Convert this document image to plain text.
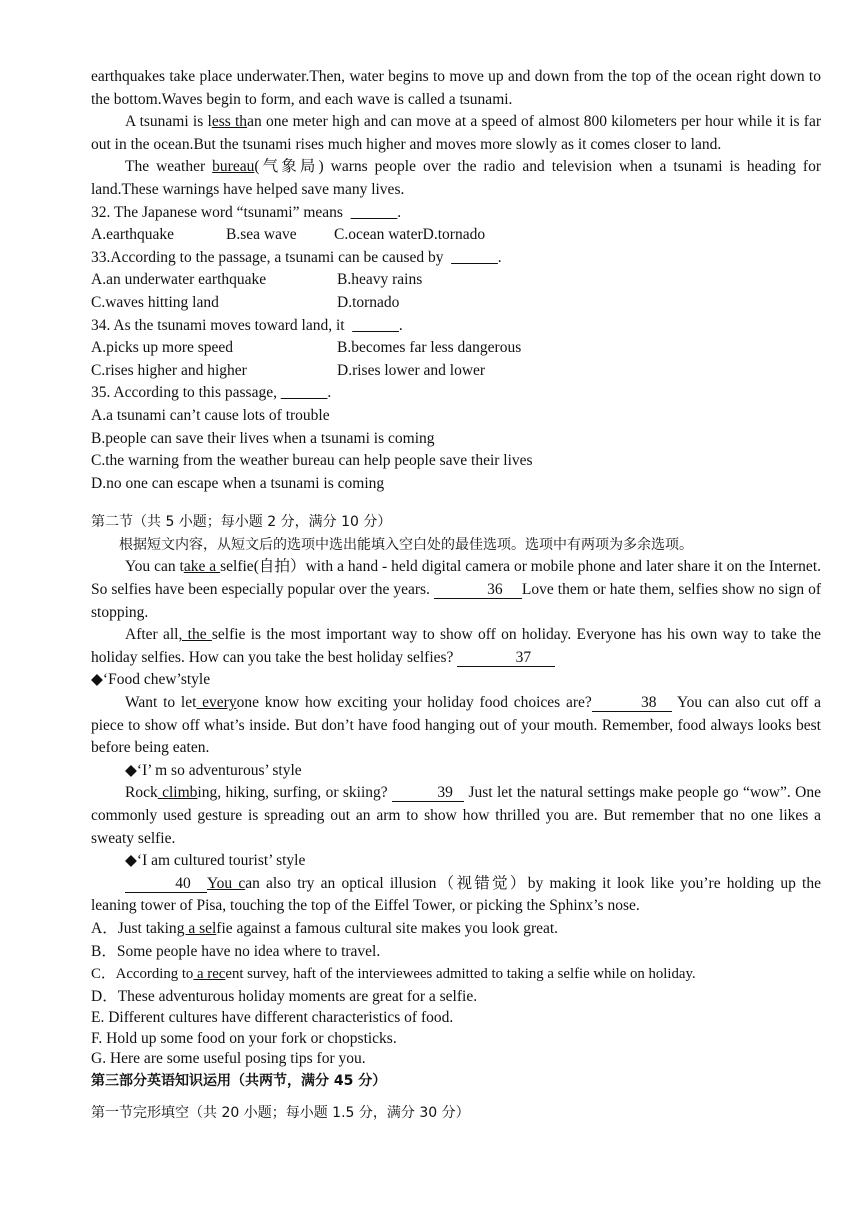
earthquakes take place underwater.Then, water begins to move up and down from the top of the ocean right down to the bottom.Waves begin to form, and each wave is called a tsunami.

A tsunami is less than one meter high and can move at a speed of almost 800 kilometers per hour while it is far out in the ocean.But the tsunami rises much higher and moves more slowly as it comes closer to land.

The weather bureau(气象局) warns people over the radio and television when a tsunami is heading for land.These warnings have helped save many lives.

32. The Japanese word “tsunami” means ______.

A.earthquake	B.sea wave C.ocean waterD.tornado

33.According to the passage, a tsunami can be caused by ______.

A.an underwater earthquake	B.heavy rains
C.waves hitting land	D.tornado

34. As the tsunami moves toward land, it ______.

A.picks up more speed	B.becomes far less dangerous
C.rises higher and higher	D.rises lower and lower

35. According to this passage, ______.

A.a tsunami can’t cause lots of trouble

B.people can save their lives when a tsunami is coming

C.the warning from the weather bureau can help people save their lives

D.no one can escape when a tsunami is coming

第二节（共 5 小题；每小题 2 分，满分 10 分）

根据短文内容，从短文后的选项中选出能填入空白处的最佳选项。选项中有两项为多余选项。

You can take a selfie(自拍）with a hand - held digital camera or mobile phone and later share it on the Internet. So selfies have been especially popular over the years.	36 Love them or hate them, selfies show no sign of stopping.

After all, the selfie is the most important way to show off on holiday. Everyone has his own way to take the holiday selfies. How can you take the best holiday selfies?	37

◆‘Food chew’style

Want to let everyone know how exciting your holiday food choices are?	38 You can also cut off a piece to show off what’s inside. But don’t have food hanging out of your mouth. Remember, food always looks best before being eaten.

◆‘I’ m so adventurous’ style

Rock climbing, hiking, surfing, or skiing?	39 Just let the natural settings make people go “wow”. One commonly used gesture is spreading out an arm to show how thrilled you are. But remember that no one likes a sweaty selfie.

◆‘I am cultured tourist’ style

40 You can also try an optical illusion（视错觉）by making it look like you’re holding up the leaning tower of Pisa, touching the top of the Eiffel Tower, or picking the Sphinx’s nose.

A．Just taking a selfie against a famous cultural site makes you look great.

B．Some people have no idea where to travel.

C．According to a recent survey, haft of the interviewees admitted to taking a selfie while on holiday.

D．These adventurous holiday moments are great for a selfie.

E. Different cultures have different characteristics of food.

F. Hold up some food on your fork or chopsticks.

G. Here are some useful posing tips for you.

第三部分英语知识运用（共两节，满分 45 分）

第一节完形填空（共 20 小题；每小题 1.5 分，满分 30 分）
